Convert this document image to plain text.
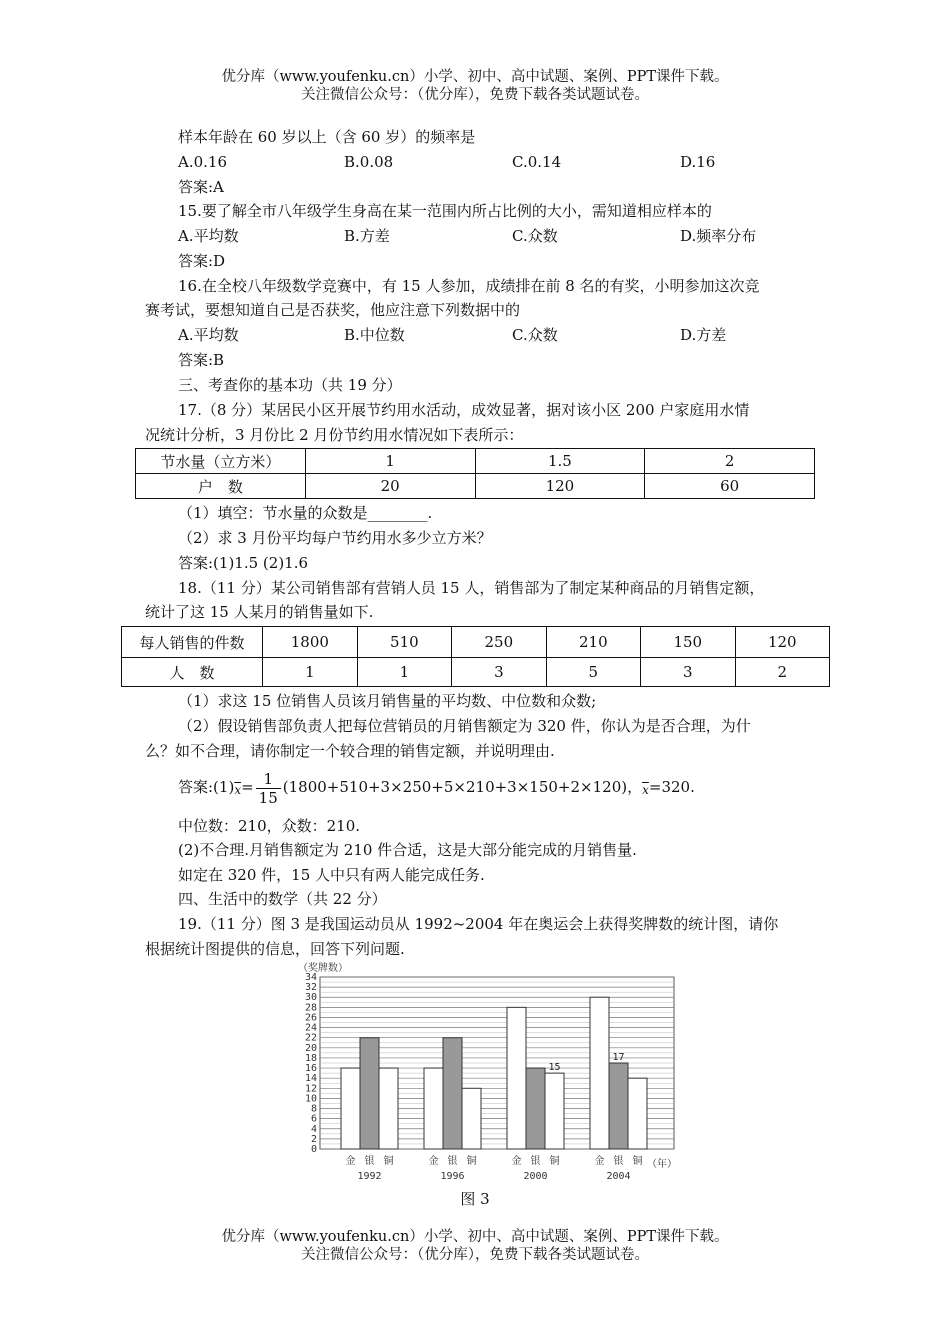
优分库（www.youfenku.cn）小学、初中、高中试题、案例、PPT课件下载。
关注微信公众号：（优分库），免费下载各类试题试卷。
样本年龄在 60 岁以上（含 60 岁）的频率是
A.0.16	B.0.08	C.0.14	D.16
答案:A
15.要了解全市八年级学生身高在某一范围内所占比例的大小，需知道相应样本的
A.平均数	B.方差	C.众数	D.频率分布
答案:D
16.在全校八年级数学竞赛中，有 15 人参加，成绩排在前 8 名的有奖，小明参加这次竞
赛考试，要想知道自己是否获奖，他应注意下列数据中的
A.平均数	B.中位数	C.众数	D.方差
答案:B
三、考查你的基本功（共 19 分）
17.（8 分）某居民小区开展节约用水活动，成效显著，据对该小区 200 户家庭用水情
况统计分析，3 月份比 2 月份节约用水情况如下表所示：
节水量（立方米）	1	1.5	2
户　数	20	120	60
（1）填空：节水量的众数是________.
（2）求 3 月份平均每户节约用水多少立方米？
答案:(1)1.5 (2)1.6
18.（11 分）某公司销售部有营销人员 15 人，销售部为了制定某种商品的月销售定额，
统计了这 15 人某月的销售量如下.
每人销售的件数	1800	510	250	210	150	120
人　数	1	1	3	5	3	2
（1）求这 15 位销售人员该月销售量的平均数、中位数和众数;
（2）假设销售部负责人把每位营销员的月销售额定为 320 件，你认为是否合理，为什
么？如不合理，请你制定一个较合理的销售定额，并说明理由.
答案$:(1)\overline{x}= \frac{1}{15} (1800+510+3\times 250+5\times 210+3\times 150+2\times 120)$，$\overline{x}=320$.
中位数：210，众数：210.
(2)不合理.月销售额定为 210 件合适，这是大部分能完成的月销售量.
如定在 320 件，15 人中只有两人能完成任务.
四、生活中的数学（共 22 分）
19.（11 分）图 3 是我国运动员从 1992~2004 年在奥运会上获得奖牌数的统计图，请你
根据统计图提供的信息，回答下列问题.
0
2
4
6
8
10
12
14
16
18
20
22
24
26
28
30
32
34
（奖牌数）
（年）
金 银 铜
1992
金 银 铜
1996
金 银 铜
2000
金 银 铜
2004
15
17
图 3
优分库（www.youfenku.cn）小学、初中、高中试题、案例、PPT课件下载。
关注微信公众号：（优分库），免费下载各类试题试卷。
